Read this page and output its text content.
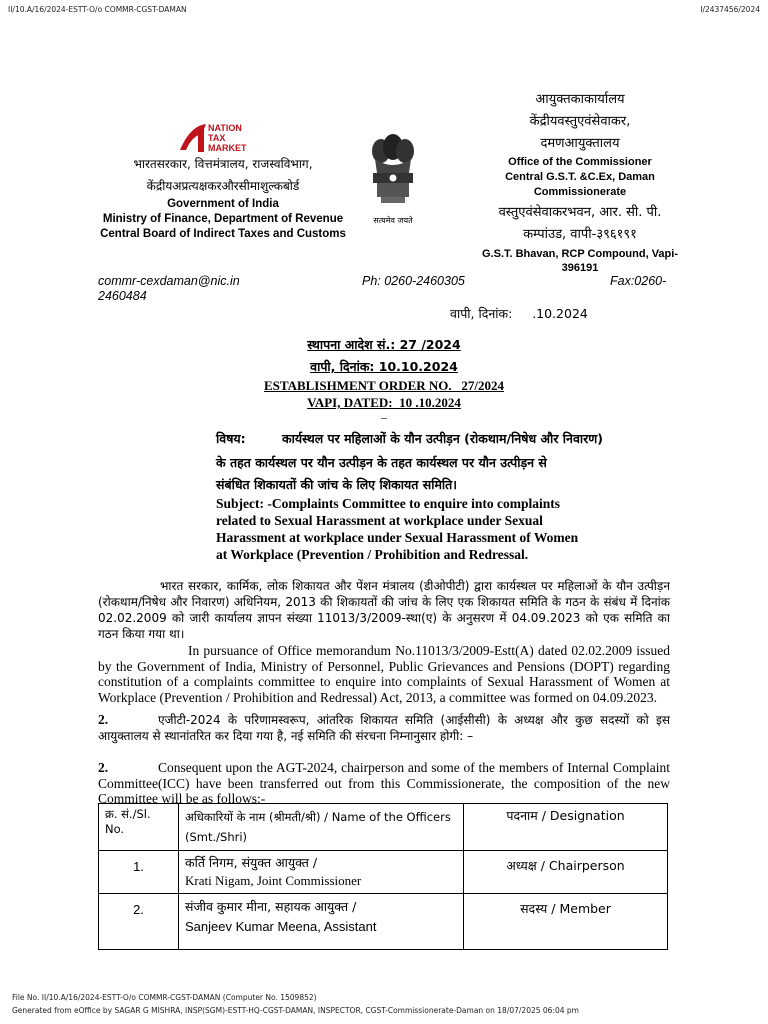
II/10.A/16/2024-ESTT-O/o COMMR-CGST-DAMAN	I/2437456/2024
NATION
TAX
MARKET
भारतसरकार, वित्तमंत्रालय, राजस्वविभाग,
केंद्रीयअप्रत्यक्षकरऔरसीमाशुल्कबोर्ड
Government of India
Ministry of Finance, Department of Revenue
Central Board of Indirect Taxes and Customs
सत्यमेव जयते
आयुक्तकाकार्यालय
केंद्रीयवस्तुएवंसेवाकर,
दमणआयुक्तालय
Office of the Commissioner
Central G.S.T. &C.Ex, Daman
Commissionerate
वस्तुएवंसेवाकरभवन, आर. सी. पी.
कम्पांउड, वापी-३९६१९१
G.S.T. Bhavan, RCP Compound, Vapi-
396191
commr-cexdaman@nic.in	Ph: 0260-2460305	Fax:0260-
2460484
वापी, दिनांक:     .10.2024
स्थापना आदेश सं.: 27 /2024
वापी, दिनांक: 10.10.2024
ESTABLISHMENT ORDER NO.   27/2024
VAPI, DATED:  10 .10.2024
–
विषय:	कार्यस्थल पर महिलाओं के यौन उत्पीड़न (रोकथाम/निषेध और निवारण)
के तहत कार्यस्थल पर यौन उत्पीड़न के तहत कार्यस्थल पर यौन उत्पीड़न से
संबंधित शिकायतों की जांच के लिए शिकायत समिति।
Subject: -Complaints Committee to enquire into complaints
related to Sexual Harassment at workplace under Sexual
Harassment at workplace under Sexual Harassment of Women
at Workplace (Prevention / Prohibition and Redressal.
भारत सरकार, कार्मिक, लोक शिकायत और पेंशन मंत्रालय (डीओपीटी) द्वारा कार्यस्थल पर महिलाओं के यौन उत्पीड़न (रोकथाम/निषेध और निवारण) अधिनियम, 2013 की शिकायतों की जांच के लिए एक शिकायत समिति के गठन के संबंध में दिनांक 02.02.2009 को जारी कार्यालय ज्ञापन संख्या 11013/3/2009-स्था(ए) के अनुसरण में 04.09.2023 को एक समिति का गठन किया गया था।
In pursuance of Office memorandum No.11013/3/2009-Estt(A) dated 02.02.2009 issued by the Government of India, Ministry of Personnel, Public Grievances and Pensions (DOPT) regarding constitution of a complaints committee to enquire into complaints of Sexual Harassment of Women at Workplace (Prevention / Prohibition and Redressal) Act, 2013, a committee was formed on 04.09.2023.
2.	एजीटी-2024 के परिणामस्वरूप, आंतरिक शिकायत समिति (आईसीसी) के अध्यक्ष और कुछ सदस्यों को इस आयुक्तालय से स्थानांतरित कर दिया गया है, नई समिति की संरचना निम्नानुसार होगी: –
2.	Consequent upon the AGT-2024, chairperson and some of the members of Internal Complaint Committee(ICC) have been transferred out from this Commissionerate, the composition of the new Committee will be as follows:-
क्र. सं./Sl. No.	अधिकारियों के नाम (श्रीमती/श्री) / Name of the Officers (Smt./Shri)	पदनाम / Designation
1.	कर्ति निगम, संयुक्त आयुक्त /
Krati Nigam, Joint Commissioner	अध्यक्ष / Chairperson
2.	संजीव कुमार मीना, सहायक आयुक्त /
Sanjeev Kumar Meena, Assistant	सदस्य / Member
File No. II/10.A/16/2024-ESTT-O/o COMMR-CGST-DAMAN (Computer No. 1509852)
Generated from eOffice by SAGAR G MISHRA, INSP(SGM)-ESTT-HQ-CGST-DAMAN, INSPECTOR, CGST-Commissionerate-Daman on 18/07/2025 06:04 pm
